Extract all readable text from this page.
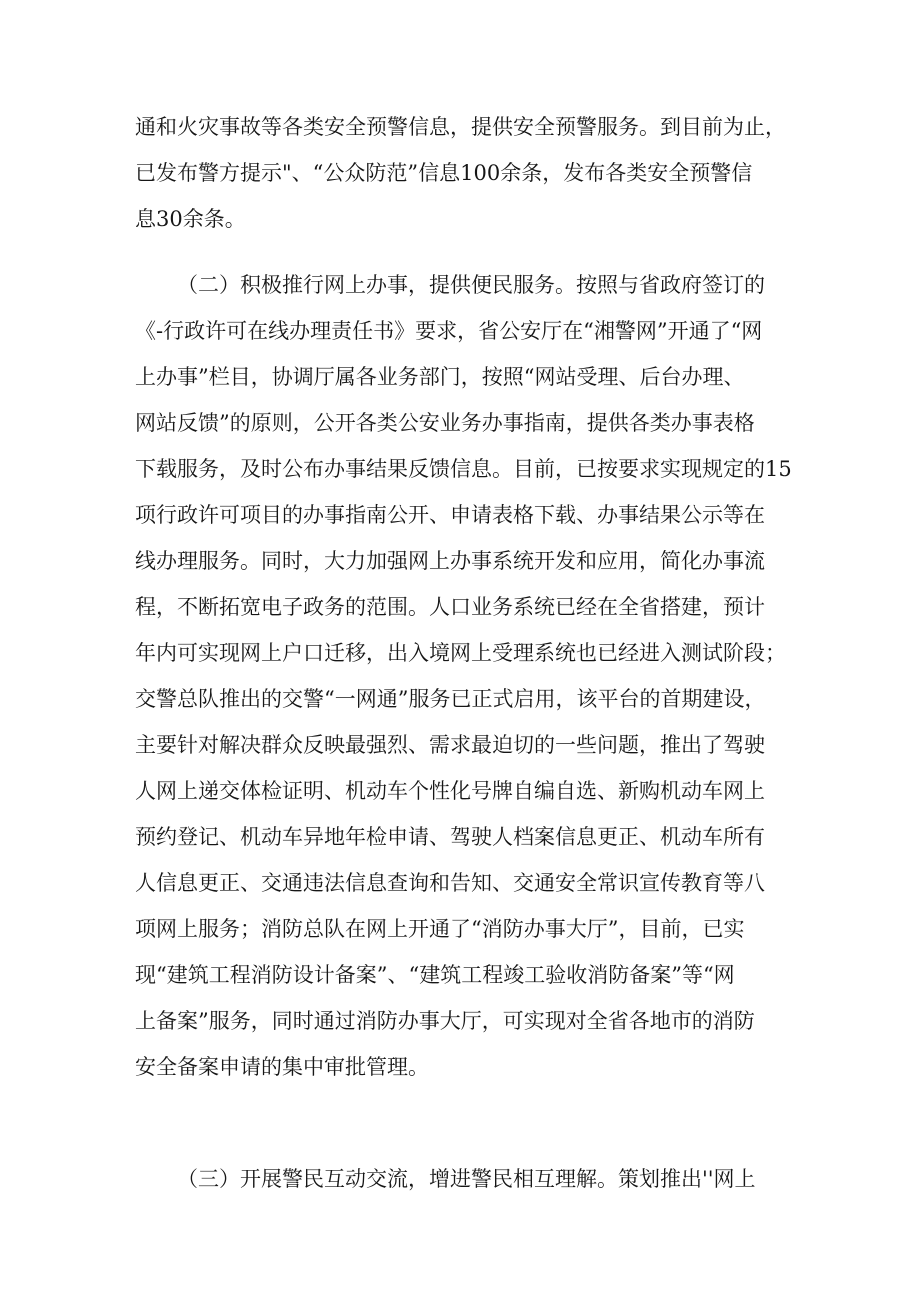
通和火灾事故等各类安全预警信息，提供安全预警服务。到目前为止，
已发布警方提示"、“公众防范”信息100余条，发布各类安全预警信
息30余条。
（二）积极推行网上办事，提供便民服务。按照与省政府签订的
《-行政许可在线办理责任书》要求，省公安厅在“湘警网”开通了“网
上办事”栏目，协调厅属各业务部门，按照“网站受理、后台办理、
网站反馈”的原则，公开各类公安业务办事指南，提供各类办事表格
下载服务，及时公布办事结果反馈信息。目前，已按要求实现规定的15
项行政许可项目的办事指南公开、申请表格下载、办事结果公示等在
线办理服务。同时，大力加强网上办事系统开发和应用，简化办事流
程，不断拓宽电子政务的范围。人口业务系统已经在全省搭建，预计
年内可实现网上户口迁移，出入境网上受理系统也已经进入测试阶段；
交警总队推出的交警“一网通”服务已正式启用，该平台的首期建设，
主要针对解决群众反映最强烈、需求最迫切的一些问题，推出了驾驶
人网上递交体检证明、机动车个性化号牌自编自选、新购机动车网上
预约登记、机动车异地年检申请、驾驶人档案信息更正、机动车所有
人信息更正、交通违法信息查询和告知、交通安全常识宣传教育等八
项网上服务；消防总队在网上开通了“消防办事大厅”，目前，已实
现“建筑工程消防设计备案”、“建筑工程竣工验收消防备案”等“网
上备案”服务，同时通过消防办事大厅，可实现对全省各地市的消防
安全备案申请的集中审批管理。
（三）开展警民互动交流，增进警民相互理解。策划推出''网上
